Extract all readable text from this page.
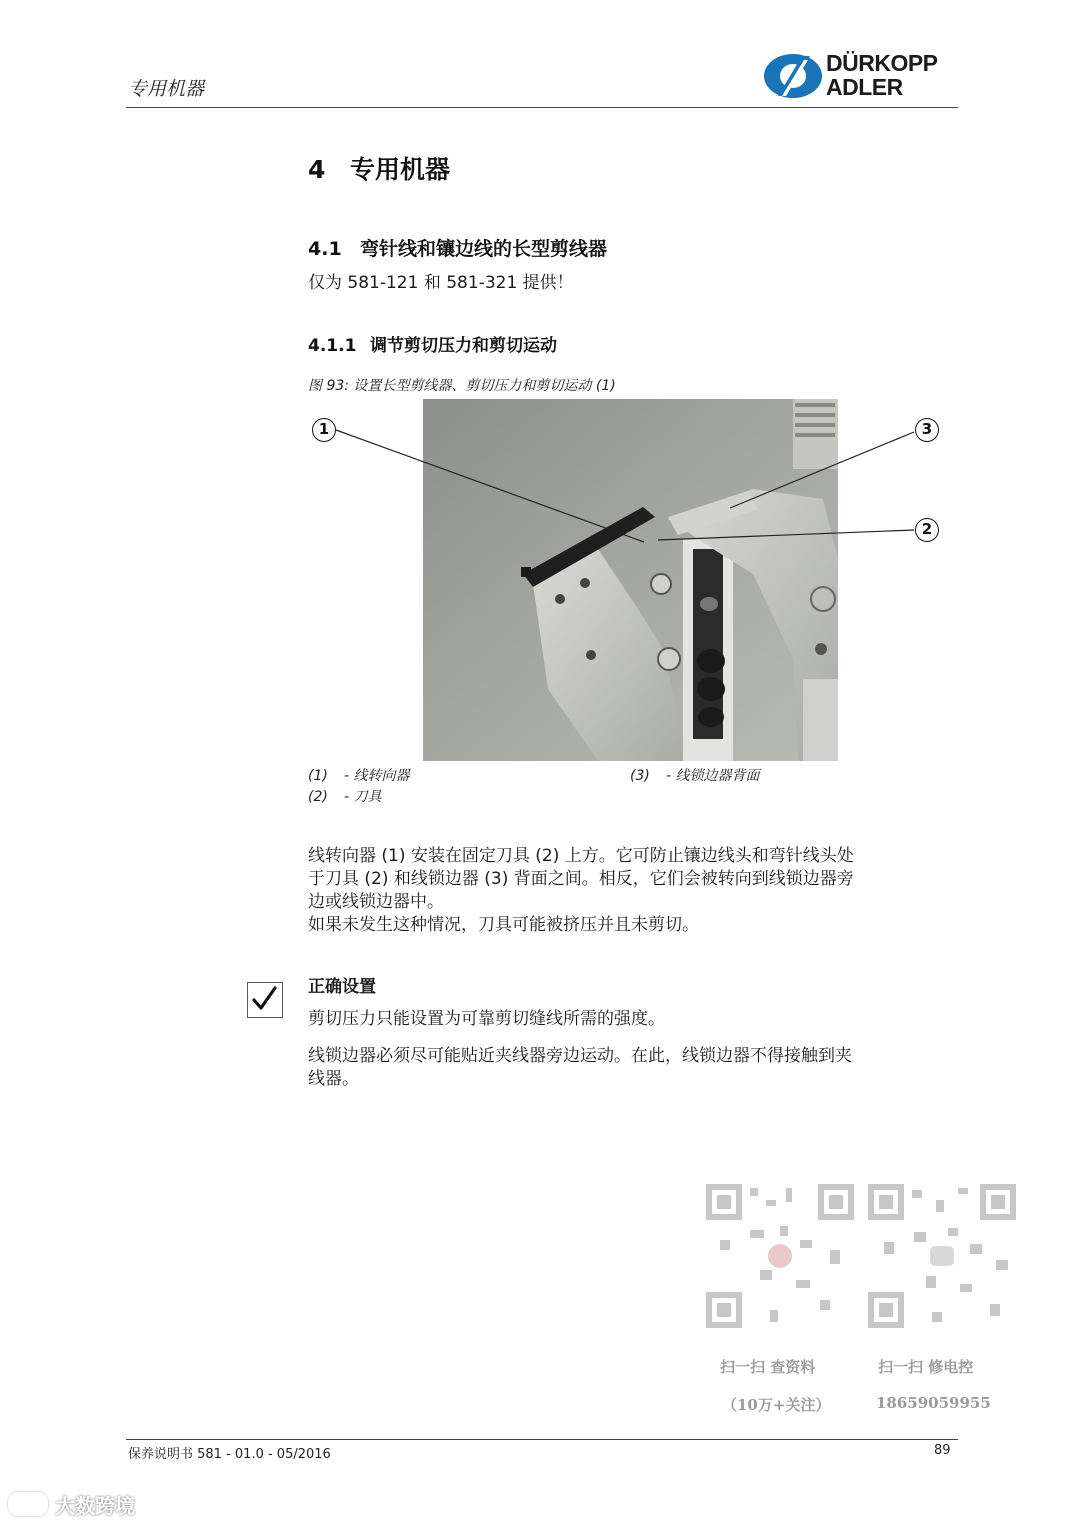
专用机器
DÜRKOPP
ADLER
4 专用机器
4.1 弯针线和镶边线的长型剪线器
仅为 581-121 和 581-321 提供！
4.1.1 调节剪切压力和剪切运动
图 93: 设置长型剪线器、剪切压力和剪切运动 (1)
1
2
3
(1) - 线转向器
(2) - 刀具
(3) - 线锁边器背面
线转向器 (1) 安装在固定刀具 (2) 上方。它可防止镶边线头和弯针线头处
于刀具 (2) 和线锁边器 (3) 背面之间。相反，它们会被转向到线锁边器旁
边或线锁边器中。
如果未发生这种情况，刀具可能被挤压并且未剪切。
正确设置
剪切压力只能设置为可靠剪切缝线所需的强度。
线锁边器必须尽可能贴近夹线器旁边运动。在此，线锁边器不得接触到夹
线器。
扫一扫 查资料
（10万+关注）
扫一扫 修电控
18659059955
保养说明书 581 - 01.0 - 05/2016	89
大数跨境
